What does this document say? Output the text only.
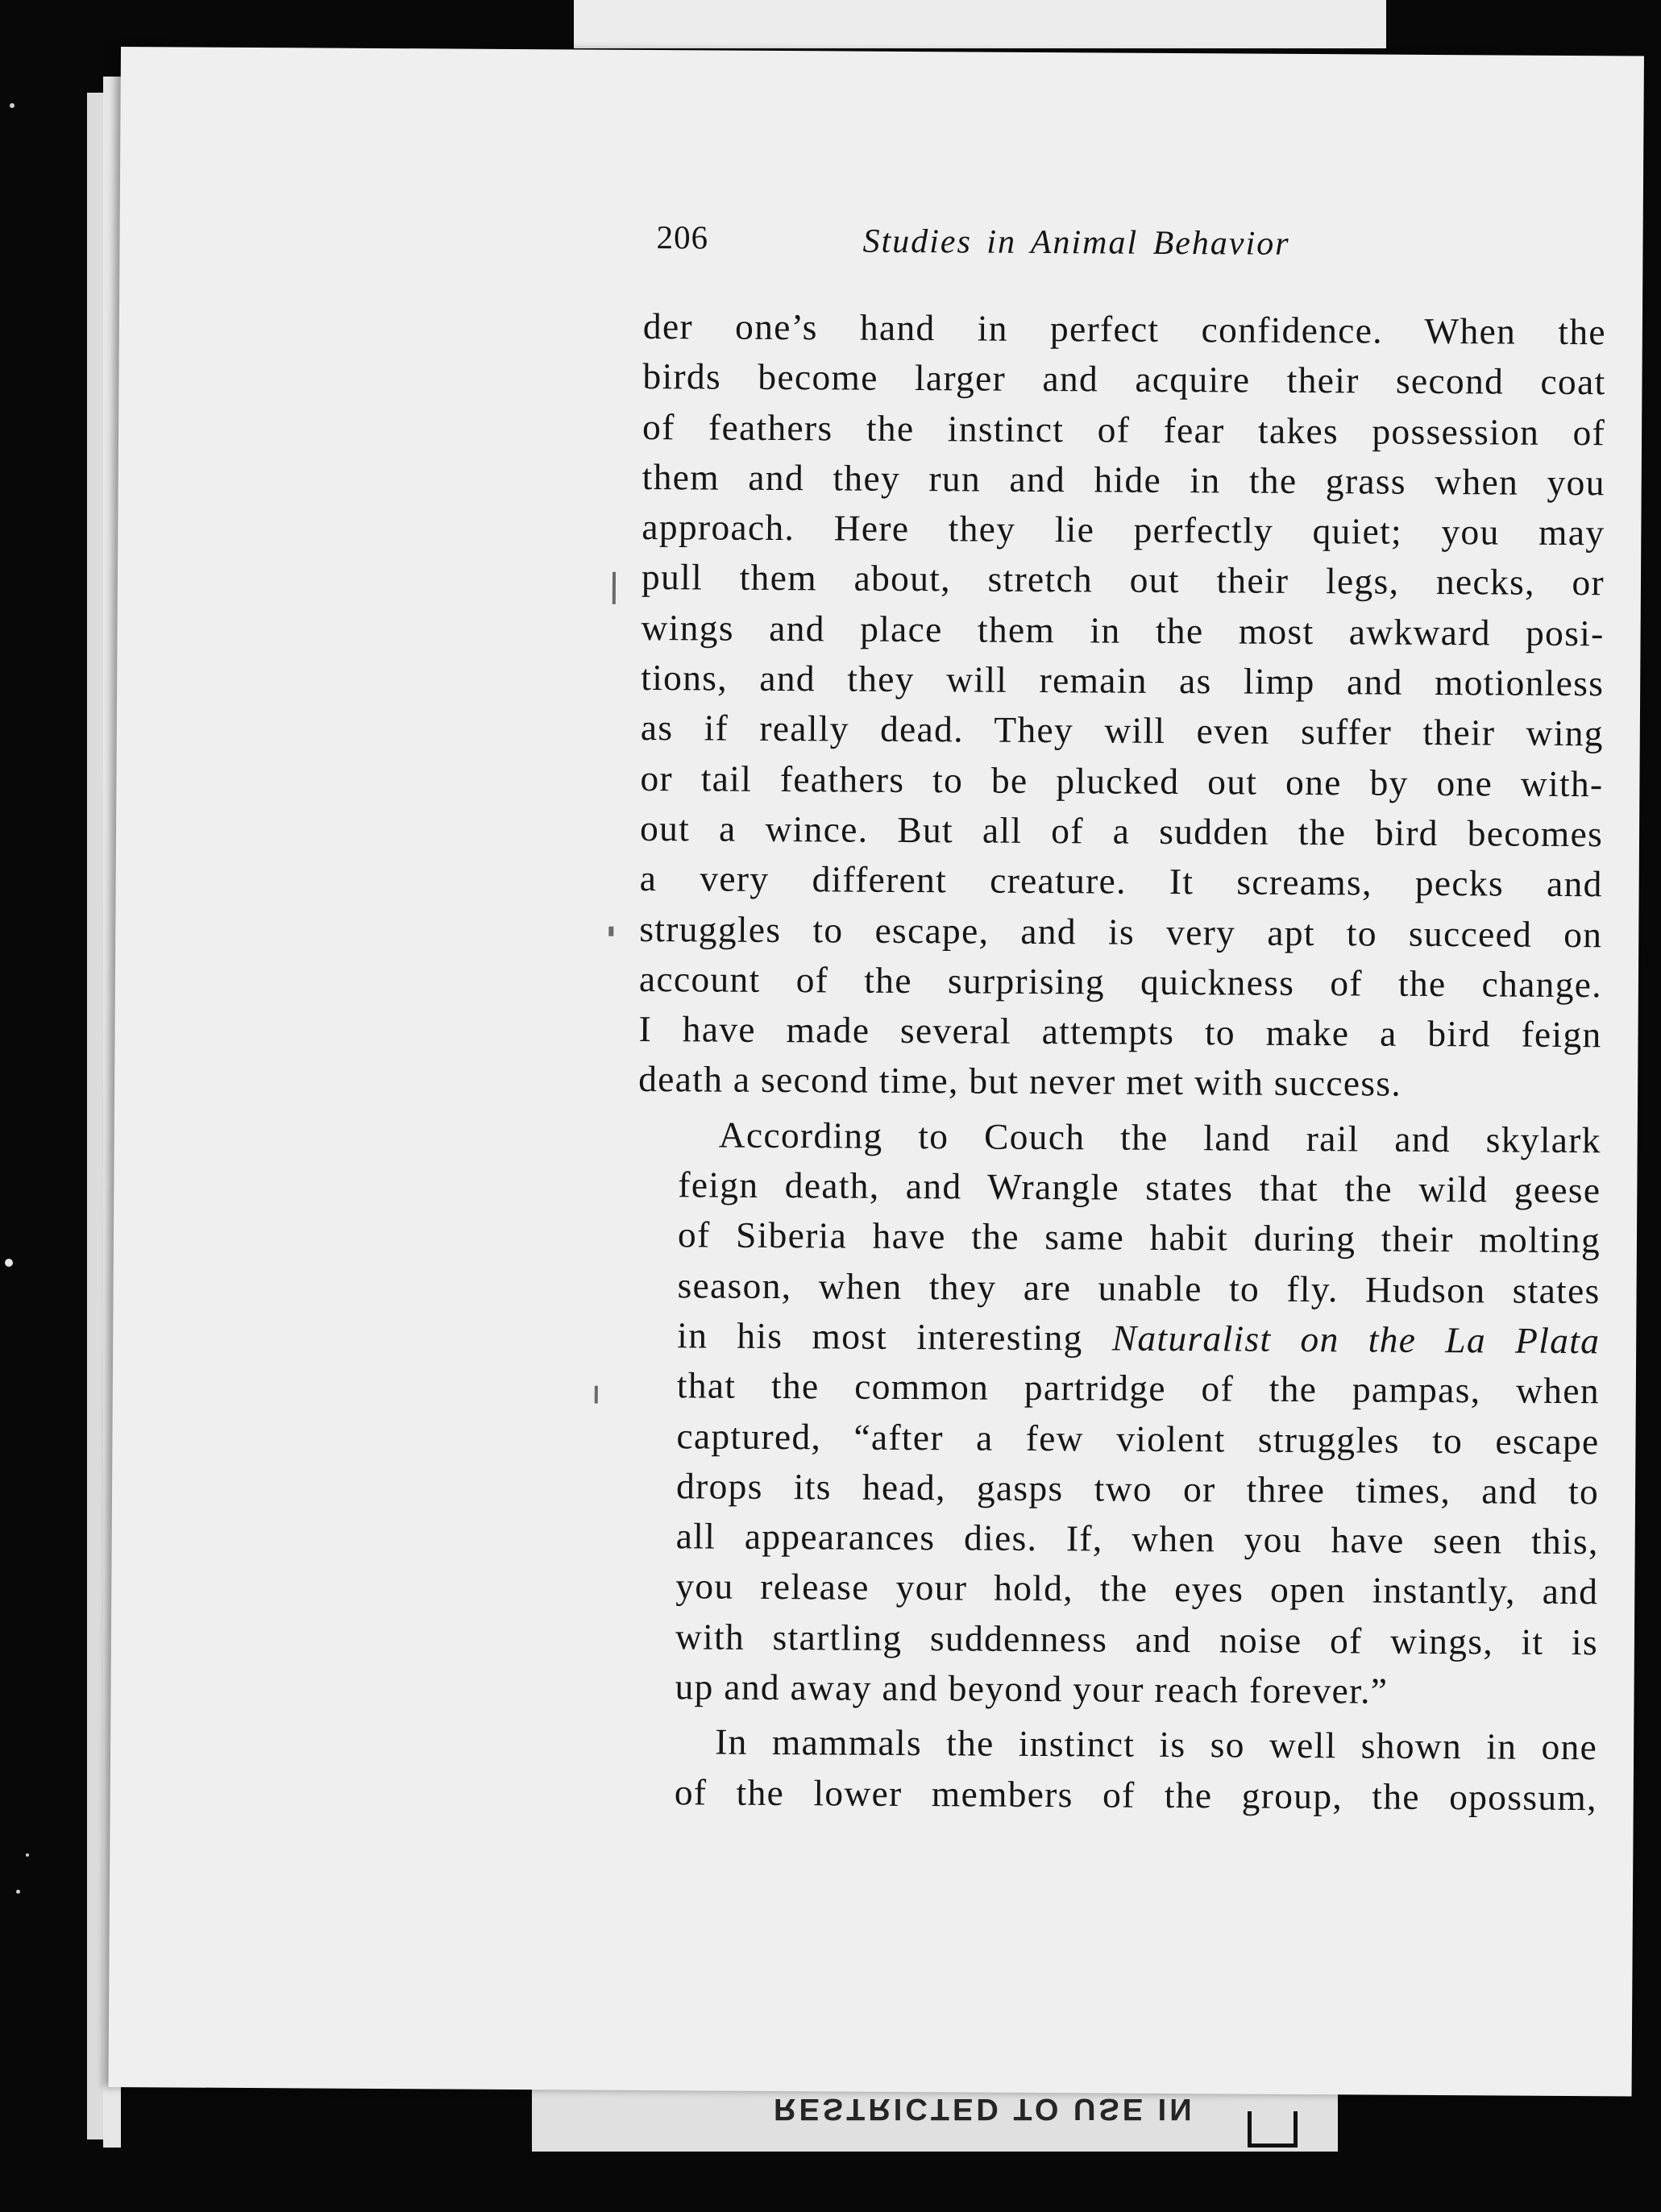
206	Studies in Animal Behavior

der one’s hand in perfect confidence. When the
birds become larger and acquire their second coat
of feathers the instinct of fear takes possession of
them and they run and hide in the grass when you
approach. Here they lie perfectly quiet; you may
pull them about, stretch out their legs, necks, or
wings and place them in the most awkward posi-
tions, and they will remain as limp and motionless
as if really dead. They will even suffer their wing
or tail feathers to be plucked out one by one with-
out a wince. But all of a sudden the bird becomes
a very different creature. It screams, pecks and
struggles to escape, and is very apt to succeed on
account of the surprising quickness of the change.
I have made several attempts to make a bird feign
death a second time, but never met with success.

According to Couch the land rail and skylark
feign death, and Wrangle states that the wild geese
of Siberia have the same habit during their molting
season, when they are unable to fly. Hudson states
in his most interesting Naturalist on the La Plata
that the common partridge of the pampas, when
captured, “after a few violent struggles to escape
drops its head, gasps two or three times, and to
all appearances dies. If, when you have seen this,
you release your hold, the eyes open instantly, and
with startling suddenness and noise of wings, it is
up and away and beyond your reach forever.”

In mammals the instinct is so well shown in one
of the lower members of the group, the opossum,

RESTRICTED TO USE IN
